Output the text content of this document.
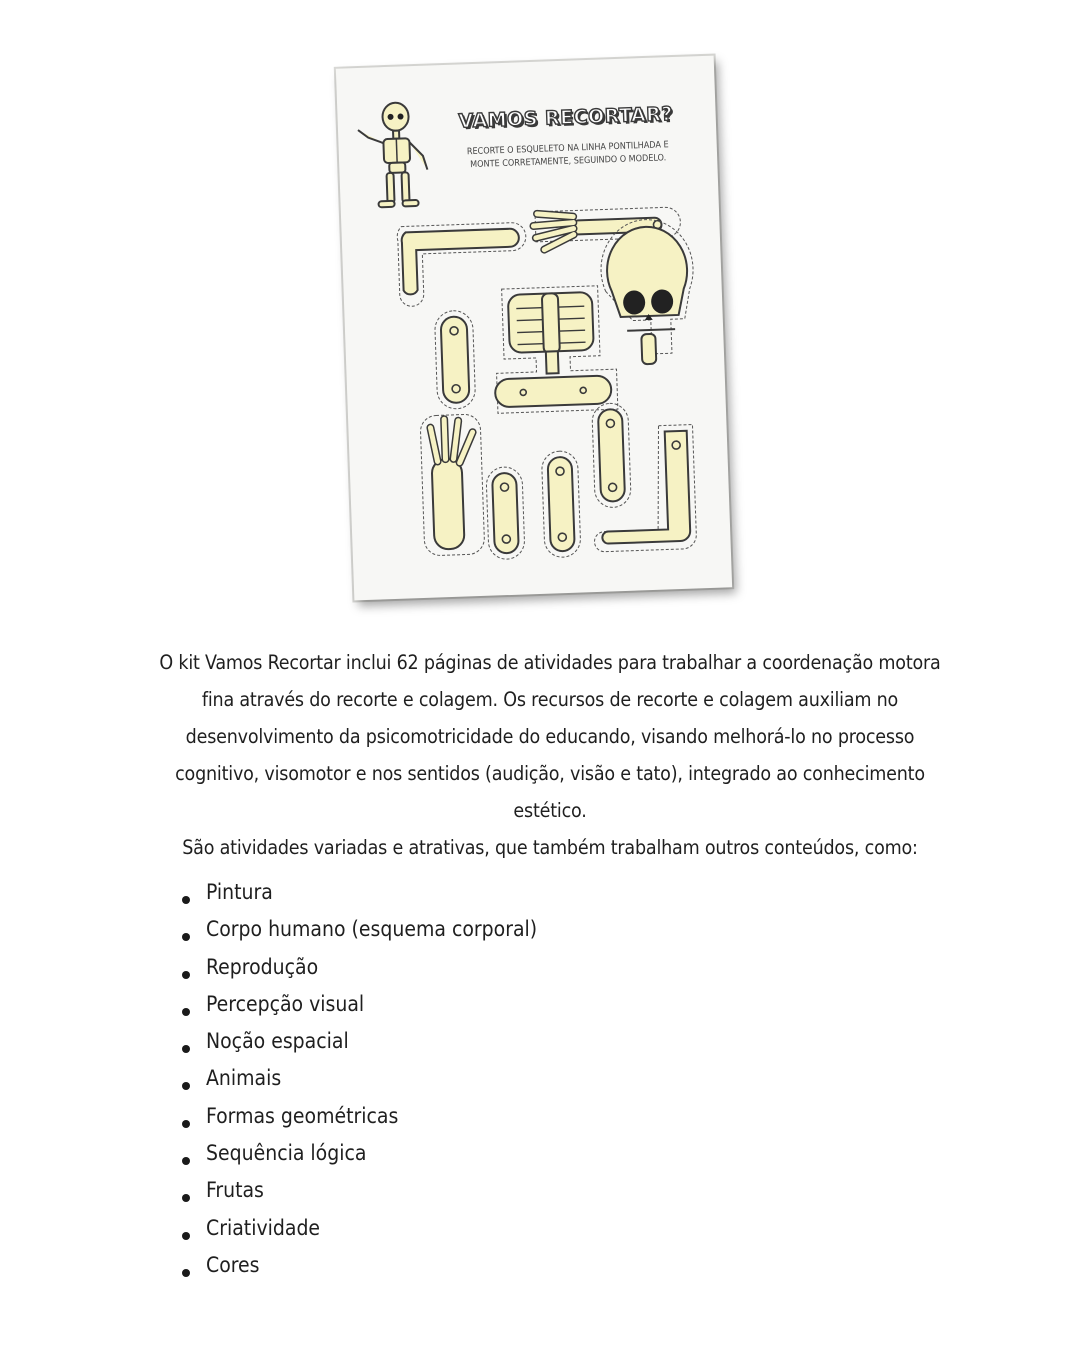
VAMOS RECORTAR?
RECORTE O ESQUELETO NA LINHA PONTILHADA E MONTE CORRETAMENTE, SEGUINDO O MODELO.

O kit Vamos Recortar inclui 62 páginas de atividades para trabalhar a coordenação motora fina através do recorte e colagem. Os recursos de recorte e colagem auxiliam no desenvolvimento da psicomotricidade do educando, visando melhorá-lo no processo cognitivo, visomotor e nos sentidos (audição, visão e tato), integrado ao conhecimento estético.

São atividades variadas e atrativas, que também trabalham outros conteúdos, como:

Pintura
Corpo humano (esquema corporal)
Reprodução
Percepção visual
Noção espacial
Animais
Formas geométricas
Sequência lógica
Frutas
Criatividade
Cores
